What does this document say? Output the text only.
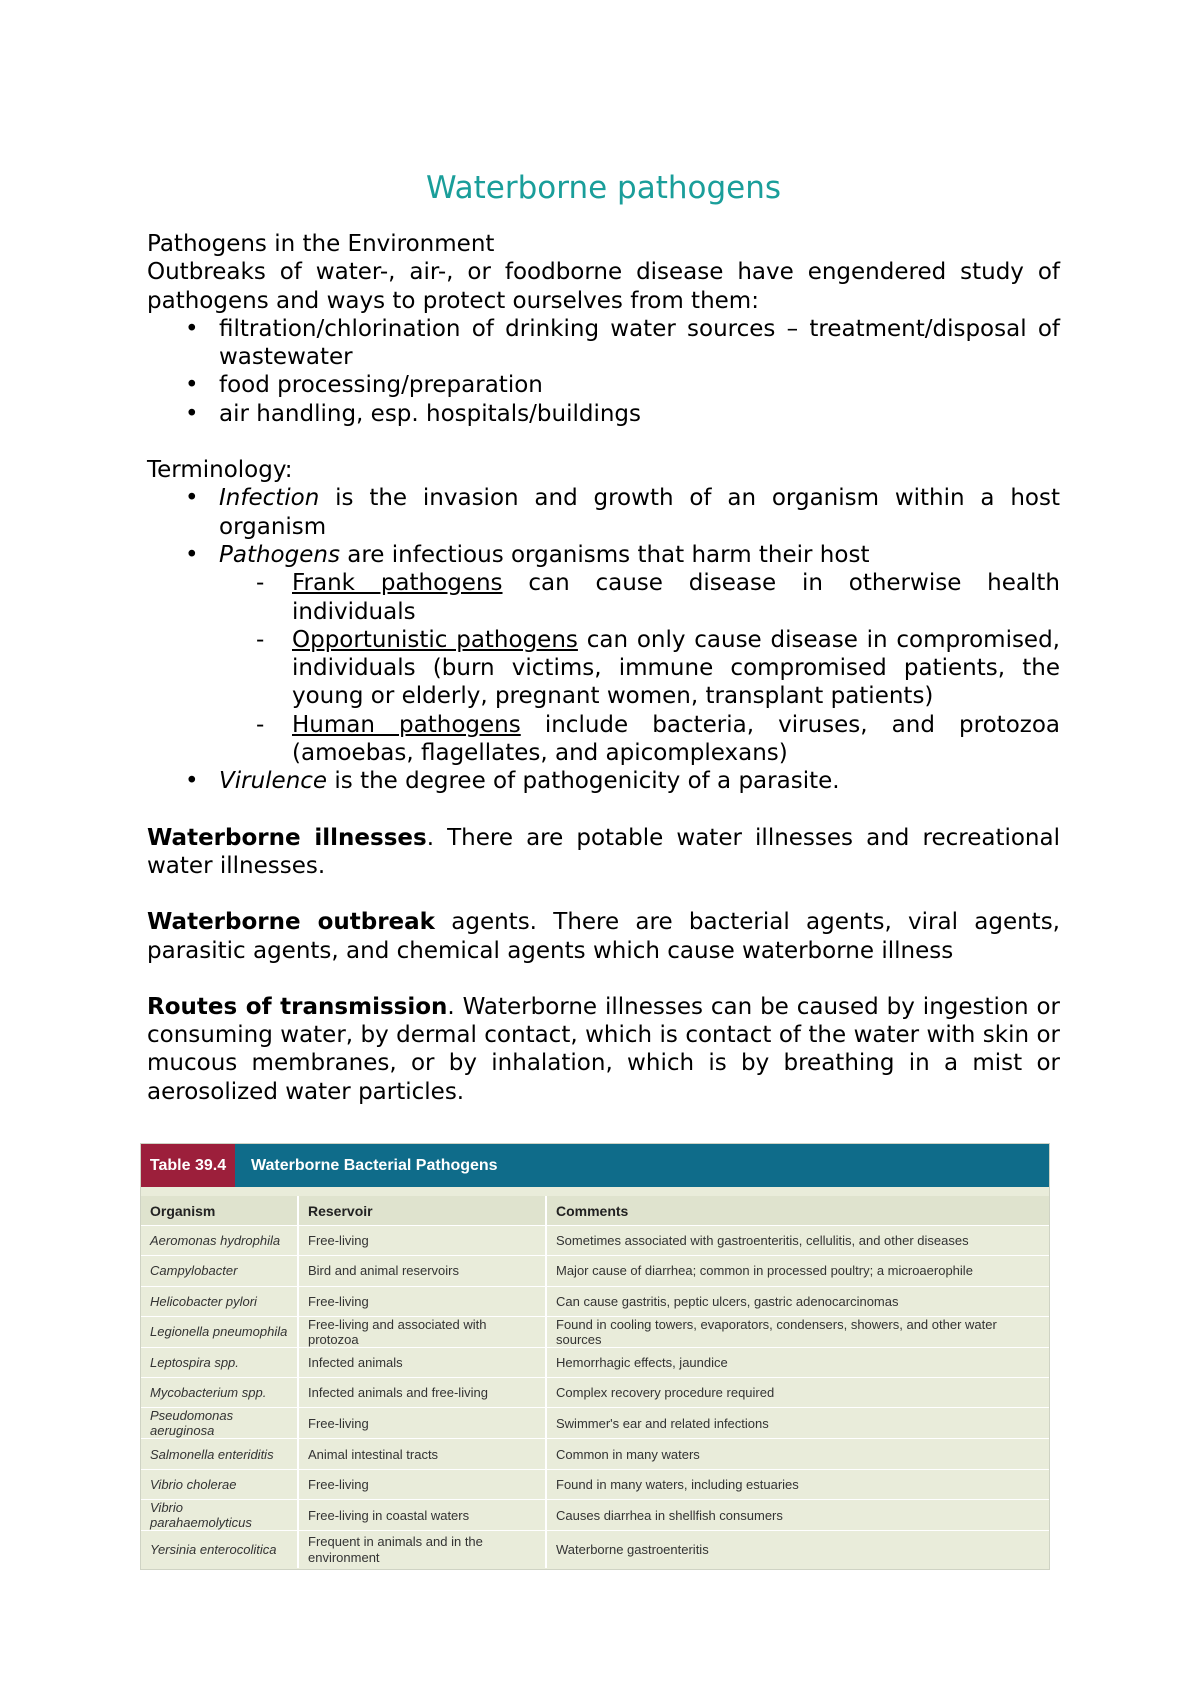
Waterborne pathogens

Pathogens in the Environment

Outbreaks of water-, air-, or foodborne disease have engendered study of pathogens and ways to protect ourselves from them:

• filtration/chlorination of drinking water sources – treatment/disposal of wastewater
• food processing/preparation
• air handling, esp. hospitals/buildings

Terminology:

• Infection is the invasion and growth of an organism within a host organism
• Pathogens are infectious organisms that harm their host
- Frank pathogens can cause disease in otherwise health individuals
- Opportunistic pathogens can only cause disease in compromised, individuals (burn victims, immune compromised patients, the young or elderly, pregnant women, transplant patients)
- Human pathogens include bacteria, viruses, and protozoa (amoebas, flagellates, and apicomplexans)
• Virulence is the degree of pathogenicity of a parasite.

Waterborne illnesses. There are potable water illnesses and recreational water illnesses.

Waterborne outbreak agents. There are bacterial agents, viral agents, parasitic agents, and chemical agents which cause waterborne illness

Routes of transmission. Waterborne illnesses can be caused by ingestion or consuming water, by dermal contact, which is contact of the water with skin or mucous membranes, or by inhalation, which is by breathing in a mist or aerosolized water particles.

Table 39.4	Waterborne Bacterial Pathogens
Organism	Reservoir	Comments
Aeromonas hydrophila	Free-living	Sometimes associated with gastroenteritis, cellulitis, and other diseases
Campylobacter	Bird and animal reservoirs	Major cause of diarrhea; common in processed poultry; a microaerophile
Helicobacter pylori	Free-living	Can cause gastritis, peptic ulcers, gastric adenocarcinomas
Legionella pneumophila	Free-living and associated with protozoa	Found in cooling towers, evaporators, condensers, showers, and other water sources
Leptospira spp.	Infected animals	Hemorrhagic effects, jaundice
Mycobacterium spp.	Infected animals and free-living	Complex recovery procedure required
Pseudomonas aeruginosa	Free-living	Swimmer's ear and related infections
Salmonella enteriditis	Animal intestinal tracts	Common in many waters
Vibrio cholerae	Free-living	Found in many waters, including estuaries
Vibrio parahaemolyticus	Free-living in coastal waters	Causes diarrhea in shellfish consumers
Yersinia enterocolitica	Frequent in animals and in the environment	Waterborne gastroenteritis
